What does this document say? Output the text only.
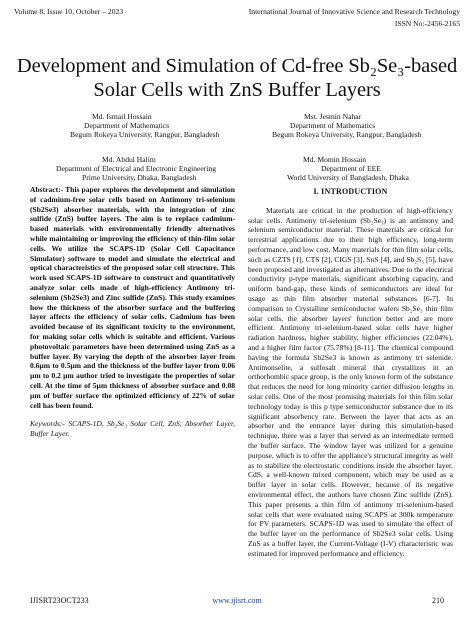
Volume 8, Issue 10, October – 2023	International Journal of Innovative Science and Research Technology
ISSN No:-2456-2165
Development and Simulation of Cd-free Sb₂Se₃-based
Solar Cells with ZnS Buffer Layers
Md. Ismail Hossain
Department of Mathematics
Begum Rokeya University, Rangpur, Bangladesh
Mst. Jesmin Nahar
Department of Mathematics
Begum Rokeya University, Rangpur, Bangladesh
Md. Abdul Halim
Department of Electrical and Electronic Engineering
Prime University, Dhaka, Bangladesh
Md. Momin Hossain
Department of EEE
World University of Bangladesh, Dhaka

Abstract:- This paper explores the development and simulation of cadmium-free solar cells based on Antimony tri-selenium (Sb2Se3) absorber materials, with the integration of zinc sulfide (ZnS) buffer layers. The aim is to replace cadmium-based materials with environmentally friendly alternatives while maintaining or improving the efficiency of thin-film solar cells. We utilize the SCAPS-1D (Solar Cell Capacitance Simulator) software to model and simulate the electrical and optical characteristics of the proposed solar cell structure. This work used SCAPS-1D software to construct and quantitatively analyze solar cells made of high-efficiency Antimony tri-selenium (Sb2Se3) and Zinc sulfide (ZnS). This study examines how the thickness of the absorber surface and the buffering layer affects the efficiency of solar cells. Cadmium has been avoided because of its significant toxicity to the environment, for making solar cells which is suitable and efficient. Various photovoltaic parameters have been determined using ZnS as a buffer layer. By varying the depth of the absorber layer from 0.6µm to 0.5µm and the thickness of the buffer layer from 0.06 µm to 0.2 µm author tried to investigate the properties of solar cell. At the time of 5µm thickness of absorber surface and 0.08 µm of buffer surface the optimized efficiency of 22% of solar cell has been found.

Keywords:- SCAPS-1D, Sb₂Se₃ Solar Cell, ZnS, Absorber Layer, Buffer Layer.

I. INTRODUCTION

Materials are critical in the production of high-efficiency solar cells. Antimony tri-selenium (Sb₂Se₃) is an antimony and selenium semiconductor material. These materials are critical for terrestrial applications due to their high efficiency, long-term performance, and low cost. Many materials for thin film solar cells, such as CZTS [1], CTS [2], CIGS [3], SnS [4], and Sb₂S₃ [5], have been proposed and investigated as alternatives. Due to the electrical conductivity p-type materials, significant absorbing capacity, and uniform band-gap, these kinds of semiconductors are ideal for usage as thin film absorber material substances [6-7]. In comparison to Crystalline semiconductor wafers Sb₂Se₃ thin film solar cells, the absorber layers' function better and are more efficient. Antimony tri-selenium-based solar cells have higher radiation hardness, higher stability, higher efficiencies (22.04%), and a higher film factor (75.78%) [8-11]. The chemical compound having the formula Sb2Se3 is known as antimony tri selenide. Antimonselite, a sulfosalt mineral that crystallizes in an orthorhombic space group, is the only known form of the substance that reduces the need for long minority carrier diffusion lengths in solar cells. One of the most promising materials for thin film solar technology today is this p type semiconductor substance due to its significant absorbency rate. Between the layer that acts as an absorber and the entrance layer during this simulation-based technique, there was a layer that served as an intermediate termed the buffer surface. The window layer was utilized for a genuine purpose, which is to offer the appliance's structural integrity as well as to stabilize the electrostatic conditions inside the absorber layer. CdS, a well-known mixed component, which may be used as a buffer layer in solar cells. However, because of its negative environmental effect, the authors have chosen Zinc sulfide (ZnS). This paper presents a thin film of antimony tri-selenium-based solar cells that were evaluated using SCAPS at 300k temperature for PV parameters. SCAPS-1D was used to simulate the effect of the buffer layer on the performance of Sb2Se3 solar cells. Using ZnS as a buffer layer, the Current-Voltage (I-V) characteristic was estimated for improved performance and efficiency.

IJISRT23OCT233	www.ijisrt.com	210
